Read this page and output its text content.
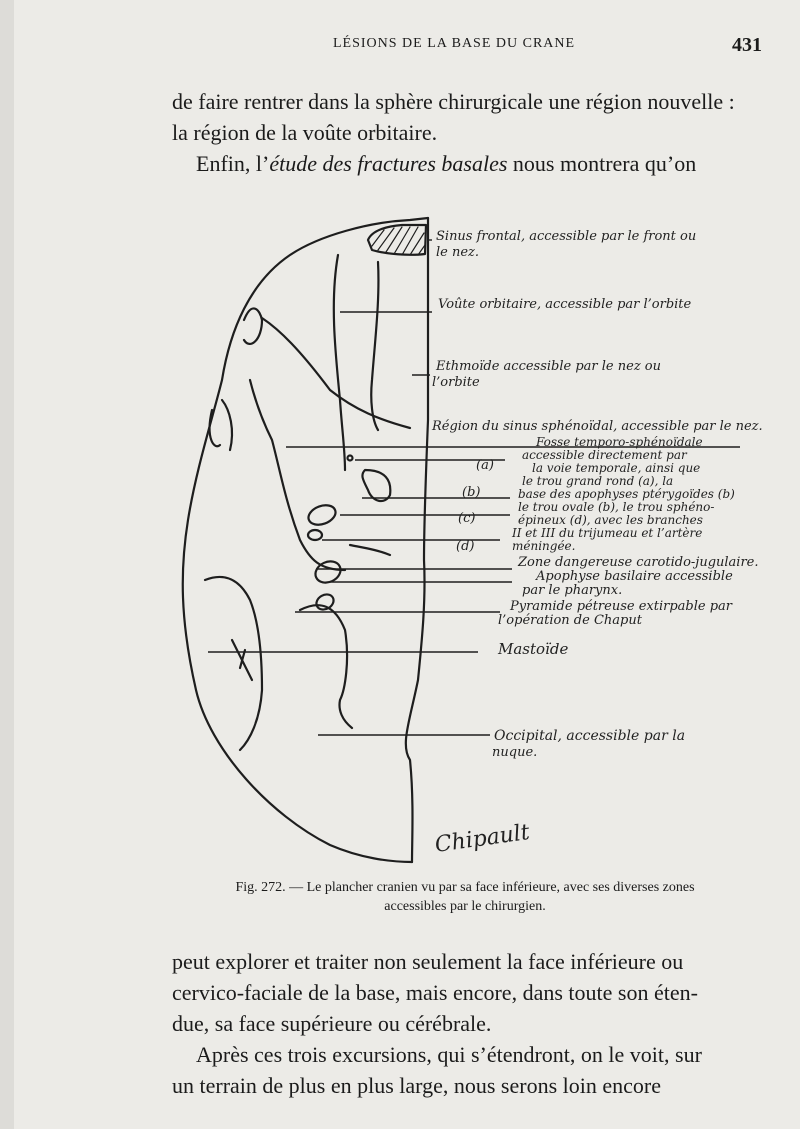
LÉSIONS DE LA BASE DU CRANE	431

de faire rentrer dans la sphère chirurgicale une région nouvelle :

la région de la voûte orbitaire.

Enfin, l’étude des fractures basales nous montrera qu’on

Sinus frontal, accessible par le front ou
le nez.
Voûte orbitaire, accessible par l’orbite
Ethmoïde accessible par le nez ou
l’orbite
Région du sinus sphénoïdal, accessible par le nez.
Fosse temporo-sphénoïdale
accessible directement par
la voie temporale, ainsi que
le trou grand rond (a), la
base des apophyses ptérygoïdes (b)
le trou ovale (b), le trou sphéno-
épineux (d), avec les branches
II et III du trijumeau et l’artère
méningée.
(a)
(b)
(c)
(d)
Zone dangereuse carotido-jugulaire.
Apophyse basilaire accessible
par le pharynx.
Pyramide pétreuse extirpable par
l’opération de Chaput
Mastoïde
Occipital, accessible par la
nuque.
Chipault
Fig. 272. — Le plancher cranien vu par sa face inférieure, avec ses diverses zones
accessibles par le chirurgien.

peut explorer et traiter non seulement la face inférieure ou

cervico-faciale de la base, mais encore, dans toute son éten-

due, sa face supérieure ou cérébrale.

Après ces trois excursions, qui s’étendront, on le voit, sur

un terrain de plus en plus large, nous serons loin encore
